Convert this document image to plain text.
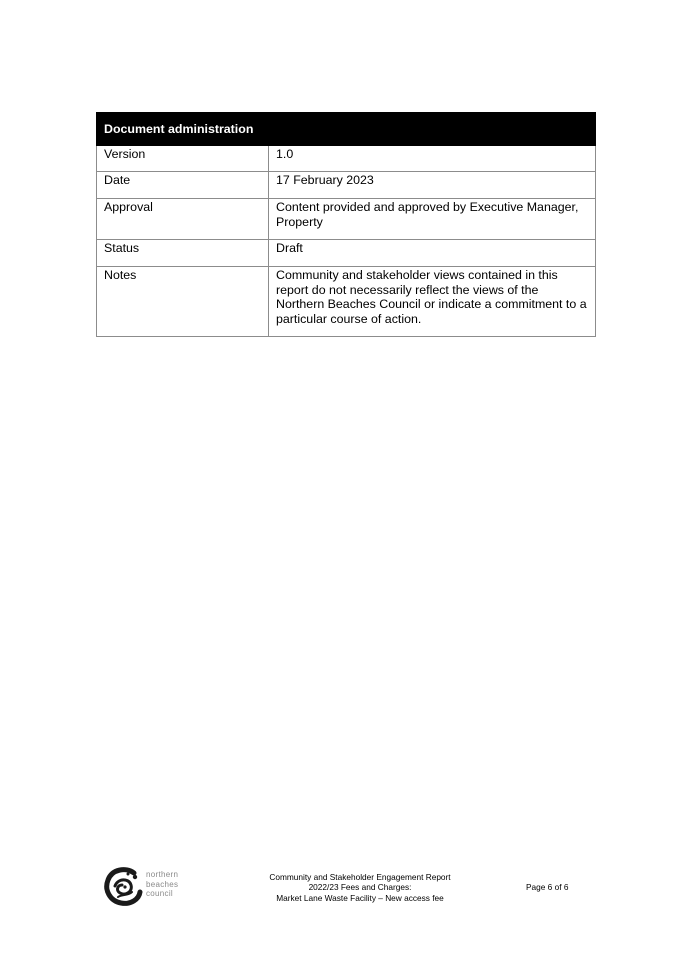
Document administration	
Version	1.0
Date	17 February 2023
Approval	Content provided and approved by Executive Manager, Property
Status	Draft
Notes	Community and stakeholder views contained in this report do not necessarily reflect the views of the Northern Beaches Council or indicate a commitment to a particular course of action.
northern
beaches
council
Community and Stakeholder Engagement Report
2022/23 Fees and Charges:
Market Lane Waste Facility – New access fee
Page 6 of 6
